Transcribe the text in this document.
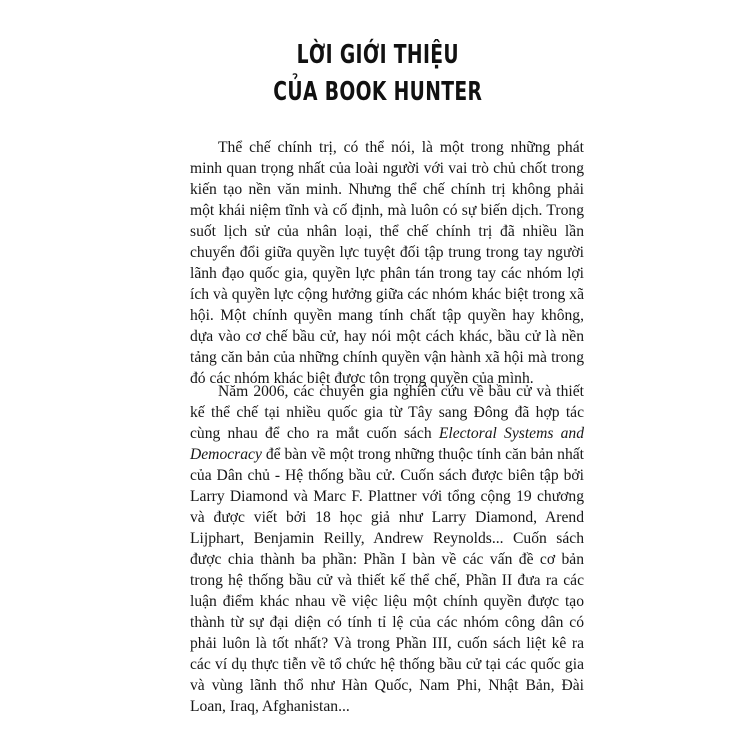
LỜI GIỚI THIỆU
CỦA BOOK HUNTER

Thể chế chính trị, có thể nói, là một trong những phát minh quan trọng nhất của loài người với vai trò chủ chốt trong kiến tạo nền văn minh. Nhưng thể chế chính trị không phải một khái niệm tĩnh và cố định, mà luôn có sự biến dịch. Trong suốt lịch sử của nhân loại, thể chế chính trị đã nhiều lần chuyển đổi giữa quyền lực tuyệt đối tập trung trong tay người lãnh đạo quốc gia, quyền lực phân tán trong tay các nhóm lợi ích và quyền lực cộng hưởng giữa các nhóm khác biệt trong xã hội. Một chính quyền mang tính chất tập quyền hay không, dựa vào cơ chế bầu cử, hay nói một cách khác, bầu cử là nền tảng căn bản của những chính quyền vận hành xã hội mà trong đó các nhóm khác biệt được tôn trọng quyền của mình.

Năm 2006, các chuyên gia nghiên cứu về bầu cử và thiết kế thể chế tại nhiều quốc gia từ Tây sang Đông đã hợp tác cùng nhau để cho ra mắt cuốn sách Electoral Systems and Democracy để bàn về một trong những thuộc tính căn bản nhất của Dân chủ - Hệ thống bầu cử. Cuốn sách được biên tập bởi Larry Diamond và Marc F. Plattner với tổng cộng 19 chương và được viết bởi 18 học giả như Larry Diamond, Arend Lijphart, Benjamin Reilly, Andrew Reynolds... Cuốn sách được chia thành ba phần: Phần I bàn về các vấn đề cơ bản trong hệ thống bầu cử và thiết kế thể chế, Phần II đưa ra các luận điểm khác nhau về việc liệu một chính quyền được tạo thành từ sự đại diện có tính tỉ lệ của các nhóm công dân có phải luôn là tốt nhất? Và trong Phần III, cuốn sách liệt kê ra các ví dụ thực tiễn về tổ chức hệ thống bầu cử tại các quốc gia và vùng lãnh thổ như Hàn Quốc, Nam Phi, Nhật Bản, Đài Loan, Iraq, Afghanistan...
